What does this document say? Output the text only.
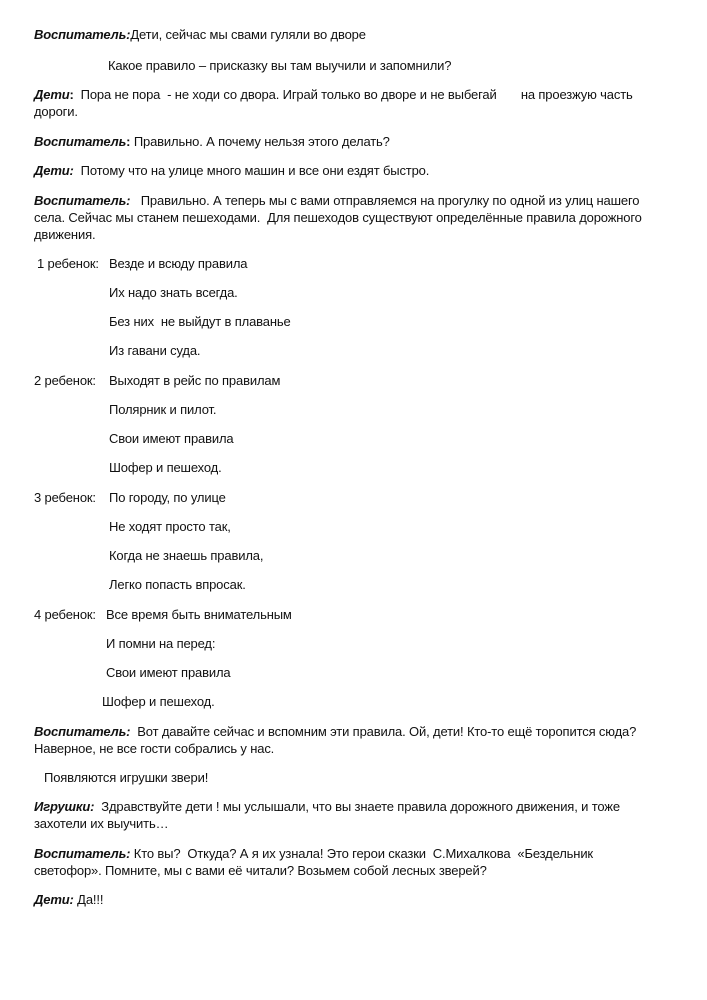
Воспитатель:Дети, сейчас мы свами гуляли во дворе
Какое правило – присказку вы там выучили и запомнили?
Дети:  Пора не пора  - не ходи со двора. Играй только во дворе и не выбегай       на проезжую часть
дороги.
Воспитатель: Правильно. А почему нельзя этого делать?
Дети:  Потому что на улице много машин и все они ездят быстро.
Воспитатель:   Правильно. А теперь мы с вами отправляемся на прогулку по одной из улиц нашего
села. Сейчас мы станем пешеходами.  Для пешеходов существуют определённые правила дорожного
движения.
1 ребенок: Везде и всюду правила
Их надо знать всегда.
Без них  не выйдут в плаванье
Из гавани суда.
2 ребенок: Выходят в рейс по правилам
Полярник и пилот.
Свои имеют правила
Шофер и пешеход.
3 ребенок: По городу, по улице
Не ходят просто так,
Когда не знаешь правила,
Легко попасть впросак.
4 ребенок: Все время быть внимательным
И помни на перед:
Свои имеют правила
Шофер и пешеход.
Воспитатель:  Вот давайте сейчас и вспомним эти правила. Ой, дети! Кто-то ещё торопится сюда?
Наверное, не все гости собрались у нас.
Появляются игрушки звери!
Игрушки:  Здравствуйте дети ! мы услышали, что вы знаете правила дорожного движения, и тоже
захотели их выучить…
Воспитатель: Кто вы?  Откуда? А я их узнала! Это герои сказки  С.Михалкова  «Бездельник
светофор». Помните, мы с вами её читали? Возьмем собой лесных зверей?
Дети: Да!!!
